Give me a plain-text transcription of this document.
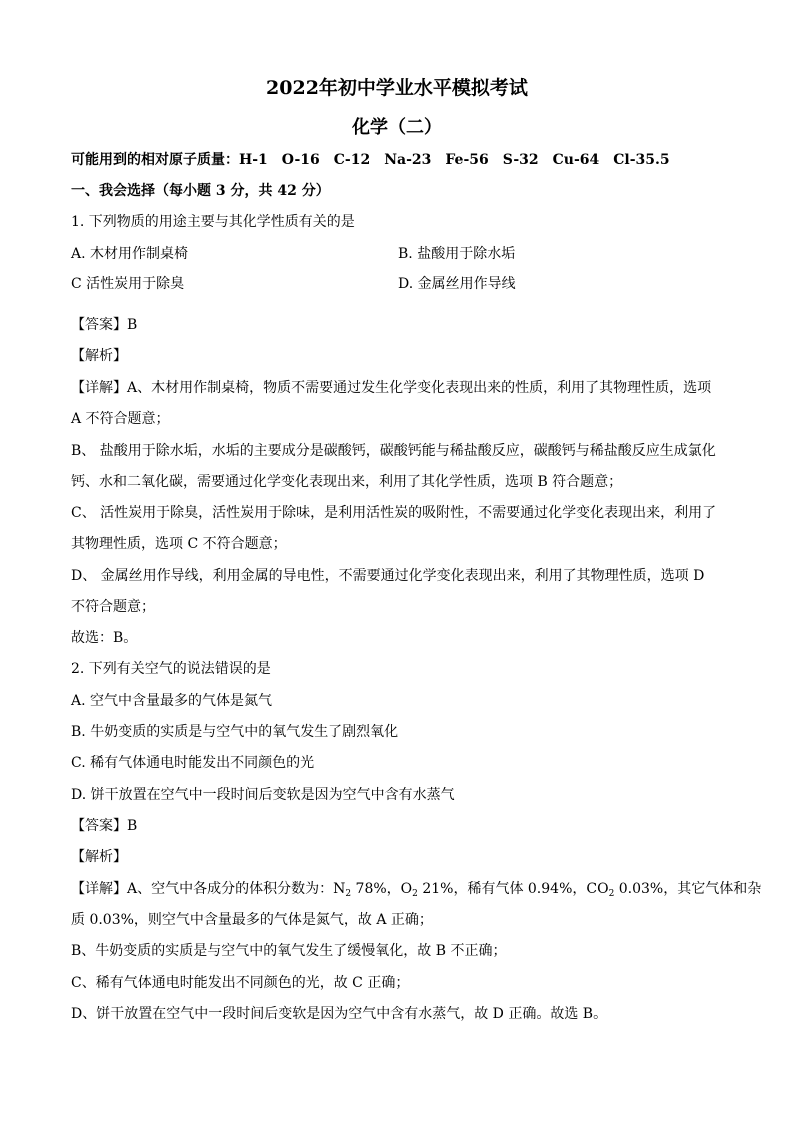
2022年初中学业水平模拟考试
化学（二）
可能用到的相对原子质量：H-1　O-16　C-12　Na-23　Fe-56　S-32　Cu-64　Cl-35.5
一、我会选择（每小题 3 分，共 42 分）
1. 下列物质的用途主要与其化学性质有关的是
A. 木材用作制桌椅	B. 盐酸用于除水垢
C 活性炭用于除臭	D. 金属丝用作导线
【答案】B
【解析】
【详解】A、木材用作制桌椅，物质不需要通过发生化学变化表现出来的性质，利用了其物理性质，选项
A 不符合题意；
B、 盐酸用于除水垢，水垢的主要成分是碳酸钙，碳酸钙能与稀盐酸反应，碳酸钙与稀盐酸反应生成氯化
钙、水和二氧化碳，需要通过化学变化表现出来，利用了其化学性质，选项 B 符合题意；
C、 活性炭用于除臭，活性炭用于除味，是利用活性炭的吸附性，不需要通过化学变化表现出来，利用了
其物理性质，选项 C 不符合题意；
D、 金属丝用作导线，利用金属的导电性，不需要通过化学变化表现出来，利用了其物理性质，选项 D
不符合题意；
故选：B。
2. 下列有关空气的说法错误的是
A. 空气中含量最多的气体是氮气
B. 牛奶变质的实质是与空气中的氧气发生了剧烈氧化
C. 稀有气体通电时能发出不同颜色的光
D. 饼干放置在空气中一段时间后变软是因为空气中含有水蒸气
【答案】B
【解析】
【详解】A、空气中各成分的体积分数为：$N_2$ 78%，$O_2$ 21%，稀有气体 0.94%，$CO_2$ 0.03%，其它气体和杂
质 0.03%，则空气中含量最多的气体是氮气，故 A 正确；
B、牛奶变质的实质是与空气中的氧气发生了缓慢氧化，故 B 不正确；
C、稀有气体通电时能发出不同颜色的光，故 C 正确；
D、饼干放置在空气中一段时间后变软是因为空气中含有水蒸气，故 D 正确。故选 B。
